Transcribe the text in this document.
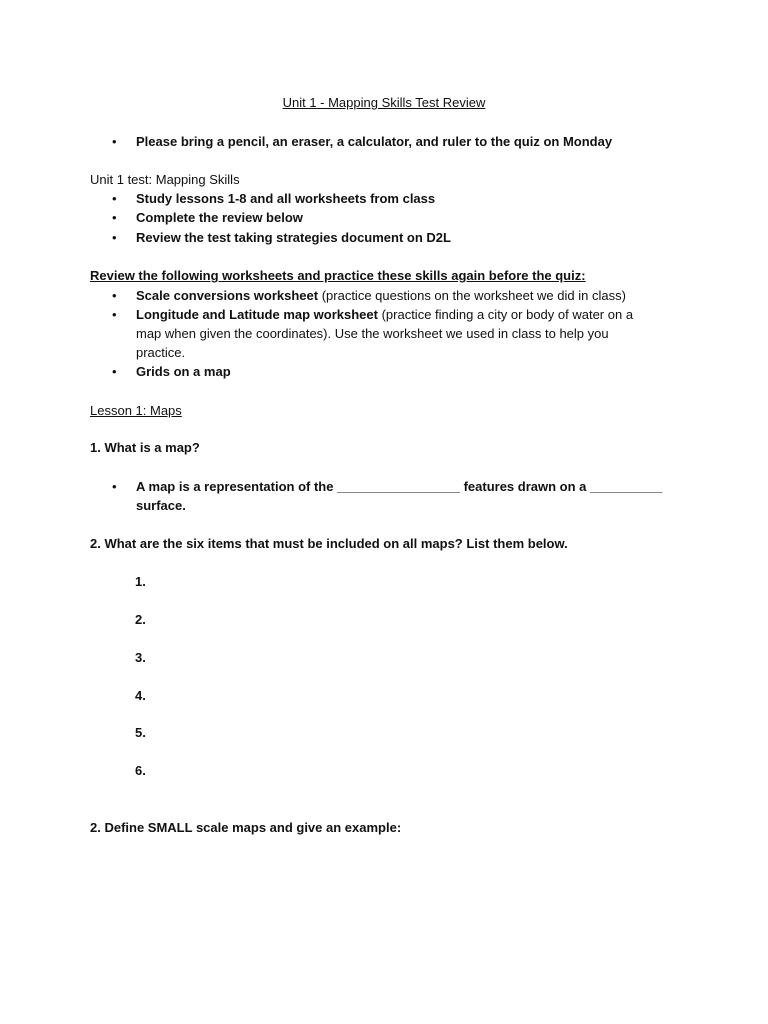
Unit 1 - Mapping Skills Test Review
•	Please bring a pencil, an eraser, a calculator, and ruler to the quiz on Monday
Unit 1 test: Mapping Skills
•	Study lessons 1-8 and all worksheets from class
•	Complete the review below
•	Review the test taking strategies document on D2L
Review the following worksheets and practice these skills again before the quiz:
•	Scale conversions worksheet (practice questions on the worksheet we did in class)
•	Longitude and Latitude map worksheet (practice finding a city or body of water on a
map when given the coordinates). Use the worksheet we used in class to help you
practice.
•	Grids on a map
Lesson 1: Maps
1. What is a map?
•	A map is a representation of the _________________ features drawn on a __________
surface.
2. What are the six items that must be included on all maps? List them below.
1.
2.
3.
4.
5.
6.
2. Define SMALL scale maps and give an example:
